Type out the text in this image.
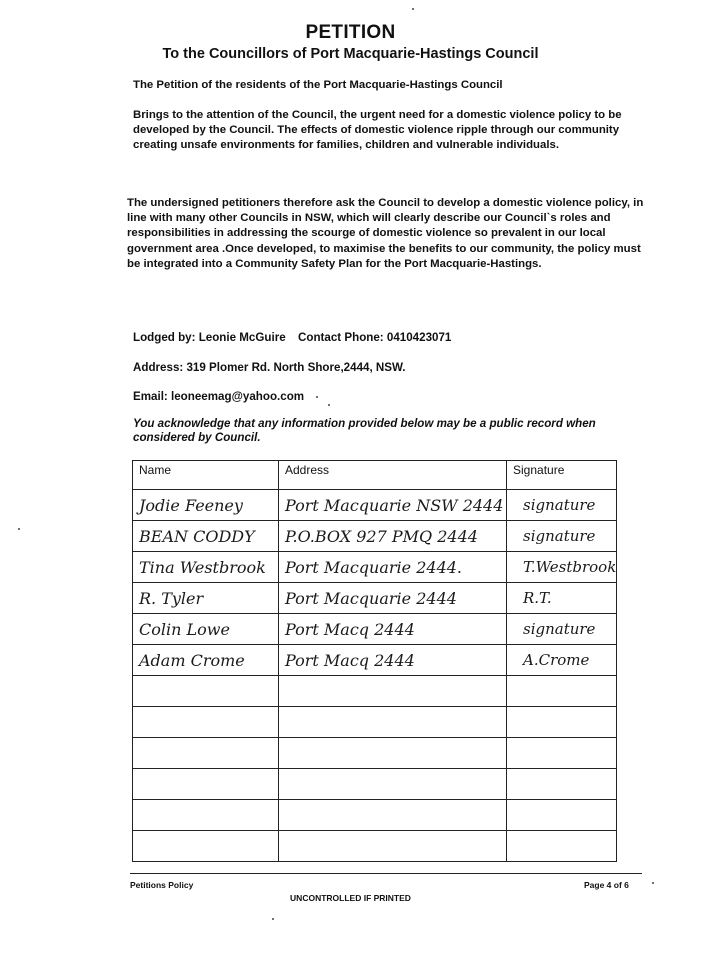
PETITION
To the Councillors of Port Macquarie-Hastings Council
The Petition of the residents of the Port Macquarie-Hastings Council
Brings to the attention of the Council, the urgent need for a domestic violence policy to be developed by the Council. The effects of domestic violence ripple through our community creating unsafe environments for families, children and vulnerable individuals.
The undersigned petitioners therefore ask the Council to develop a domestic violence policy, in line with many other Councils in NSW, which will clearly describe our Council`s roles and responsibilities in addressing the scourge of domestic violence so prevalent in our local government area .Once developed, to maximise the benefits to our community, the policy must be integrated into a Community Safety Plan for the Port Macquarie-Hastings.
Lodged by: Leonie McGuire Contact Phone: 0410423071
Address: 319 Plomer Rd. North Shore,2444, NSW.
Email: leoneemag@yahoo.com
You acknowledge that any information provided below may be a public record when considered by Council.
Name	Address	Signature

Jodie Feeney	Port Macquarie NSW 2444	signature

BEAN CODDY	P.O.BOX 927 PMQ 2444	signature

Tina Westbrook	Port Macquarie 2444.	T.Westbrook

R. Tyler	Port Macquarie 2444	R.T.

Colin Lowe	Port Macq 2444	signature

Adam Crome	Port Macq 2444	A.Crome

Petitions Policy	Page 4 of 6
UNCONTROLLED IF PRINTED
